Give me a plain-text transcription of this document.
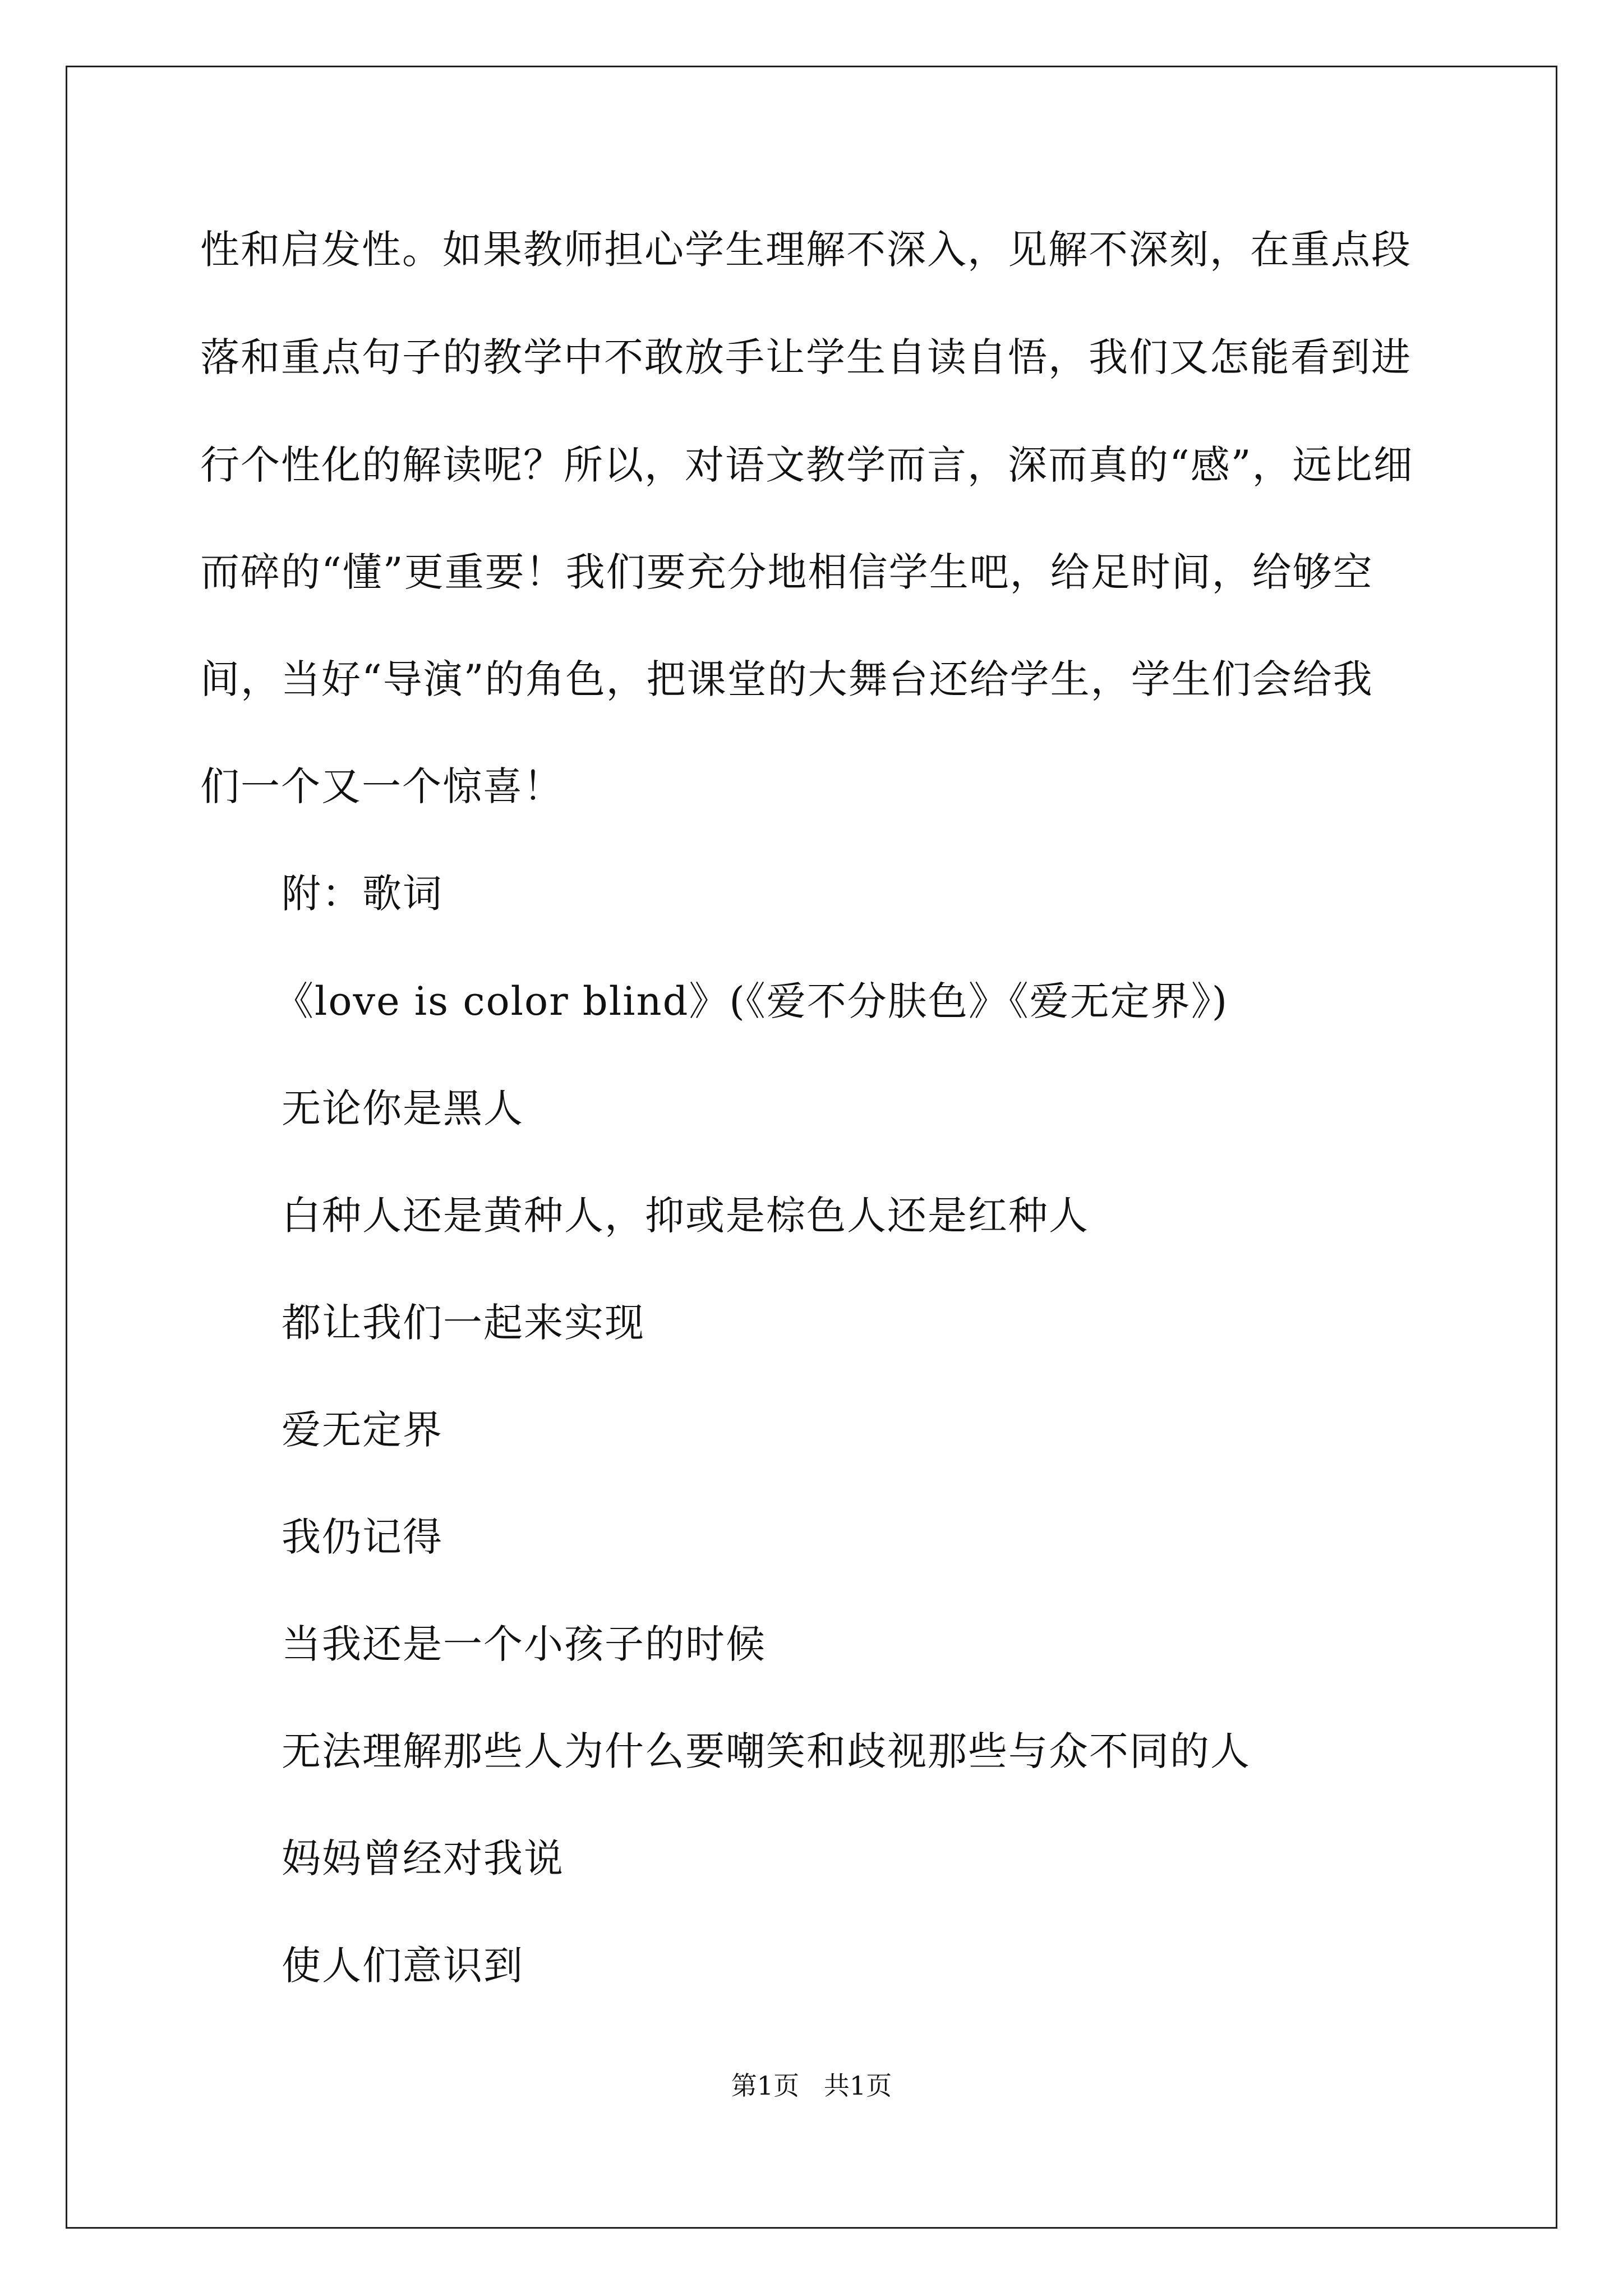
性和启发性。如果教师担心学生理解不深入，见解不深刻，在重点段
落和重点句子的教学中不敢放手让学生自读自悟，我们又怎能看到进
行个性化的解读呢？所以，对语文教学而言，深而真的“感”，远比细
而碎的“懂”更重要！我们要充分地相信学生吧，给足时间，给够空
间，当好“导演”的角色，把课堂的大舞台还给学生，学生们会给我
们一个又一个惊喜！
附：歌词
《love is color blind》(《爱不分肤色》《爱无定界》)
无论你是黑人
白种人还是黄种人，抑或是棕色人还是红种人
都让我们一起来实现
爱无定界
我仍记得
当我还是一个小孩子的时候
无法理解那些人为什么要嘲笑和歧视那些与众不同的人
妈妈曾经对我说
使人们意识到
第1页   共1页
